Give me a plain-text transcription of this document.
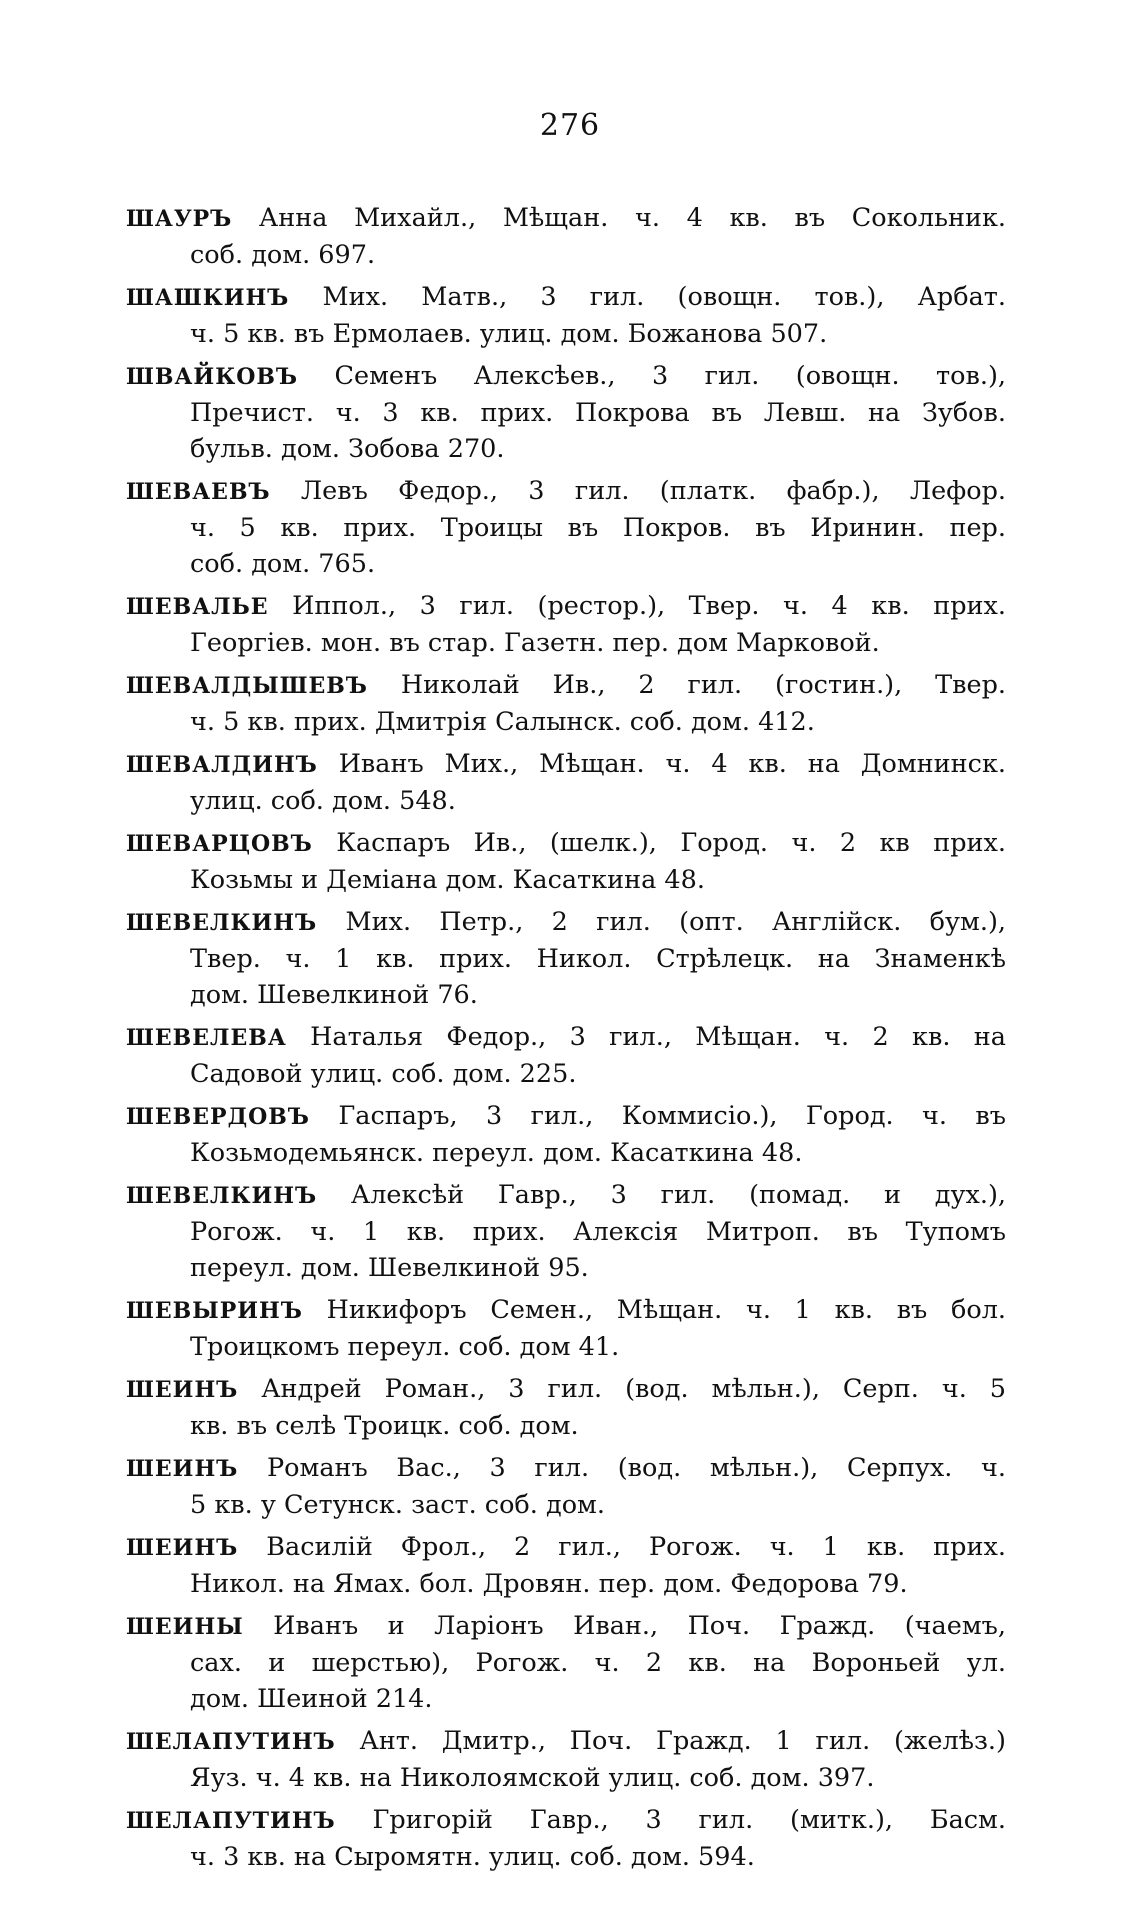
276
ШАУРЪ Анна Михайл., Мѣщан. ч. 4 кв. въ Сокольник.
соб. дом. 697.
ШАШКИНЪ Мих. Матв., 3 гил. (овощн. тов.), Арбат.
ч. 5 кв. въ Ермолаев. улиц. дом. Божанова 507.
ШВАЙКОВЪ Семенъ Алексѣев., 3 гил. (овощн. тов.),
Пречист. ч. 3 кв. прих. Покрова въ Левш. на Зубов.
бульв. дом. Зобова 270.
ШЕВАЕВЪ Левъ Федор., 3 гил. (платк. фабр.), Лефор.
ч. 5 кв. прих. Троицы въ Покров. въ Иринин. пер.
соб. дом. 765.
ШЕВАЛЬЕ Иппол., 3 гил. (рестор.), Твер. ч. 4 кв. прих.
Георгіев. мон. въ стар. Газетн. пер. дом Марковой.
ШЕВАЛДЫШЕВЪ Николай Ив., 2 гил. (гостин.), Твер.
ч. 5 кв. прих. Дмитрія Салынск. соб. дом. 412.
ШЕВАЛДИНЪ Иванъ Мих., Мѣщан. ч. 4 кв. на Домнинск.
улиц. соб. дом. 548.
ШЕВАРЦОВЪ Каспаръ Ив., (шелк.), Город. ч. 2 кв прих.
Козьмы и Деміана дом. Касаткина 48.
ШЕВЕЛКИНЪ Мих. Петр., 2 гил. (опт. Англійск. бум.),
Твер. ч. 1 кв. прих. Никол. Стрѣлецк. на Знаменкѣ
дом. Шевелкиной 76.
ШЕВЕЛЕВА Наталья Федор., 3 гил., Мѣщан. ч. 2 кв. на
Садовой улиц. соб. дом. 225.
ШЕВЕРДОВЪ Гаспаръ, 3 гил., Коммисіо.), Город. ч. въ
Козьмодемьянск. переул. дом. Касаткина 48.
ШЕВЕЛКИНЪ Алексѣй Гавр., 3 гил. (помад. и дух.),
Рогож. ч. 1 кв. прих. Алексія Митроп. въ Тупомъ
переул. дом. Шевелкиной 95.
ШЕВЫРИНЪ Никифоръ Семен., Мѣщан. ч. 1 кв. въ бол.
Троицкомъ переул. соб. дом 41.
ШЕИНЪ Андрей Роман., 3 гил. (вод. мѣльн.), Серп. ч. 5
кв. въ селѣ Троицк. соб. дом.
ШЕИНЪ Романъ Вас., 3 гил. (вод. мѣльн.), Серпух. ч.
5 кв. у Сетунск. заст. соб. дом.
ШЕИНЪ Василій Фрол., 2 гил., Рогож. ч. 1 кв. прих.
Никол. на Ямах. бол. Дровян. пер. дом. Федорова 79.
ШЕИНЫ Иванъ и Ларіонъ Иван., Поч. Гражд. (чаемъ,
сах. и шерстью), Рогож. ч. 2 кв. на Вороньей ул.
дом. Шеиной 214.
ШЕЛАПУТИНЪ Ант. Дмитр., Поч. Гражд. 1 гил. (желѣз.)
Яуз. ч. 4 кв. на Николоямской улиц. соб. дом. 397.
ШЕЛАПУТИНЪ Григорій Гавр., 3 гил. (митк.), Басм.
ч. 3 кв. на Сыромятн. улиц. соб. дом. 594.
